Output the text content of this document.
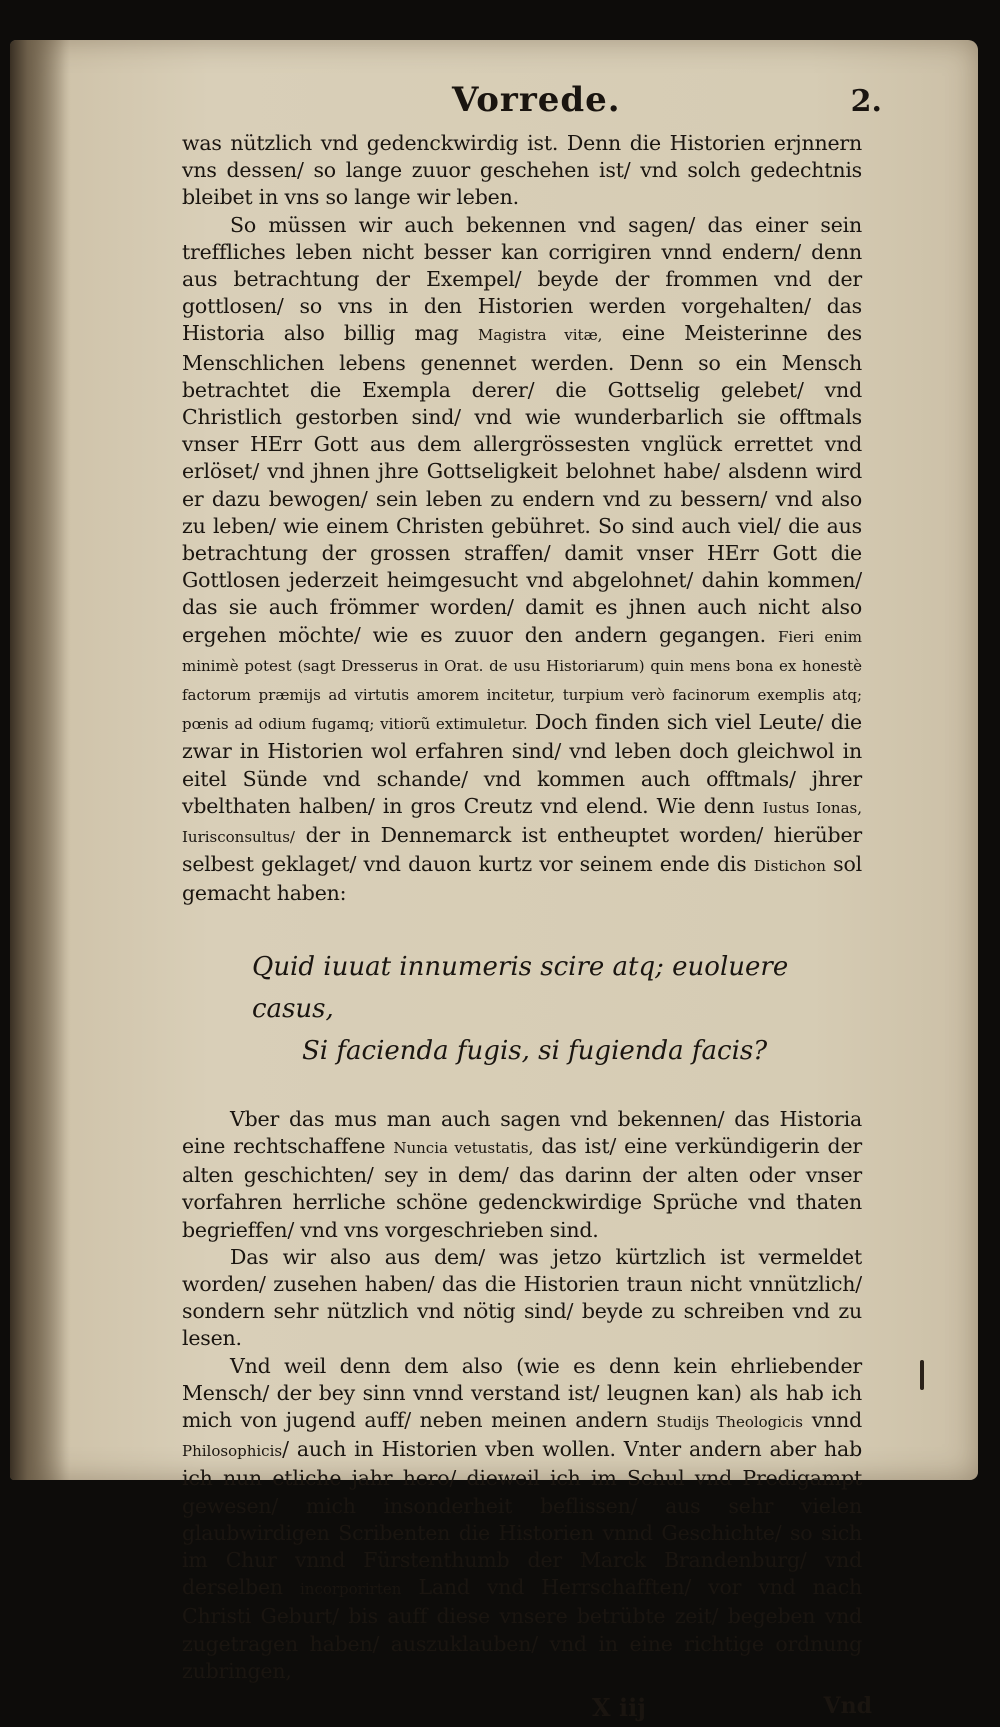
Vorrede.	2.

was nützlich vnd gedenckwirdig ist. Denn die Historien erjnnern vns dessen/ so lange zuuor geschehen ist/ vnd solch gedechtnis bleibet in vns so lange wir leben.

So müssen wir auch bekennen vnd sagen/ das einer sein treffliches leben nicht besser kan corrigiren vnnd endern/ denn aus betrachtung der Exempel/ beyde der frommen vnd der gottlosen/ so vns in den Historien werden vorgehalten/ das Historia also billig mag Magistra vitæ, eine Meisterinne des Menschlichen lebens genennet werden. Denn so ein Mensch betrachtet die Exempla derer/ die Gottselig gelebet/ vnd Christlich gestorben sind/ vnd wie wunderbarlich sie offtmals vnser HErr Gott aus dem allergrössesten vnglück errettet vnd erlöset/ vnd jhnen jhre Gottseligkeit belohnet habe/ alsdenn wird er dazu bewogen/ sein leben zu endern vnd zu bessern/ vnd also zu leben/ wie einem Christen gebühret. So sind auch viel/ die aus betrachtung der grossen straffen/ damit vnser HErr Gott die Gottlosen jederzeit heimgesucht vnd abgelohnet/ dahin kommen/ das sie auch frömmer worden/ damit es jhnen auch nicht also ergehen möchte/ wie es zuuor den andern gegangen. Fieri enim minimè potest (sagt Dresserus in Orat. de usu Historiarum) quin mens bona ex honestè factorum præmijs ad virtutis amorem incitetur, turpium verò facinorum exemplis atq; pœnis ad odium fugamq; vitiorũ extimuletur. Doch finden sich viel Leute/ die zwar in Historien wol erfahren sind/ vnd leben doch gleichwol in eitel Sünde vnd schande/ vnd kommen auch offtmals/ jhrer vbelthaten halben/ in gros Creutz vnd elend. Wie denn Iustus Ionas, Iurisconsultus/ der in Dennemarck ist entheuptet worden/ hierüber selbest geklaget/ vnd dauon kurtz vor seinem ende dis Distichon sol gemacht haben:

Quid iuuat innumeris scire atq; euoluere casus,
Si facienda fugis, si fugienda facis?

Vber das mus man auch sagen vnd bekennen/ das Historia eine rechtschaffene Nuncia vetustatis, das ist/ eine verkündigerin der alten geschichten/ sey in dem/ das darinn der alten oder vnser vorfahren herrliche schöne gedenckwirdige Sprüche vnd thaten begrieffen/ vnd vns vorgeschrieben sind.

Das wir also aus dem/ was jetzo kürtzlich ist vermeldet worden/ zusehen haben/ das die Historien traun nicht vnnützlich/ sondern sehr nützlich vnd nötig sind/ beyde zu schreiben vnd zu lesen.

Vnd weil denn dem also (wie es denn kein ehrliebender Mensch/ der bey sinn vnnd verstand ist/ leugnen kan) als hab ich mich von jugend auff/ neben meinen andern Studijs Theologicis vnnd Philosophicis/ auch in Historien vben wollen. Vnter andern aber hab ich nun etliche jahr hero/ dieweil ich im Schul vnd Predigampt gewesen/ mich insonderheit beflissen/ aus sehr vielen glaubwirdigen Scribenten die Historien vnnd Geschichte/ so sich im Chur vnnd Fürstenthumb der Marck Brandenburg/ vnd derselben incorporirten Land vnd Herrschafften/ vor vnd nach Christi Geburt/ bis auff diese vnsere betrübte zeit/ begeben vnd zugetragen haben/ auszuklauben/ vnd in eine richtige ordnung zubringen,

X iij	Vnd
